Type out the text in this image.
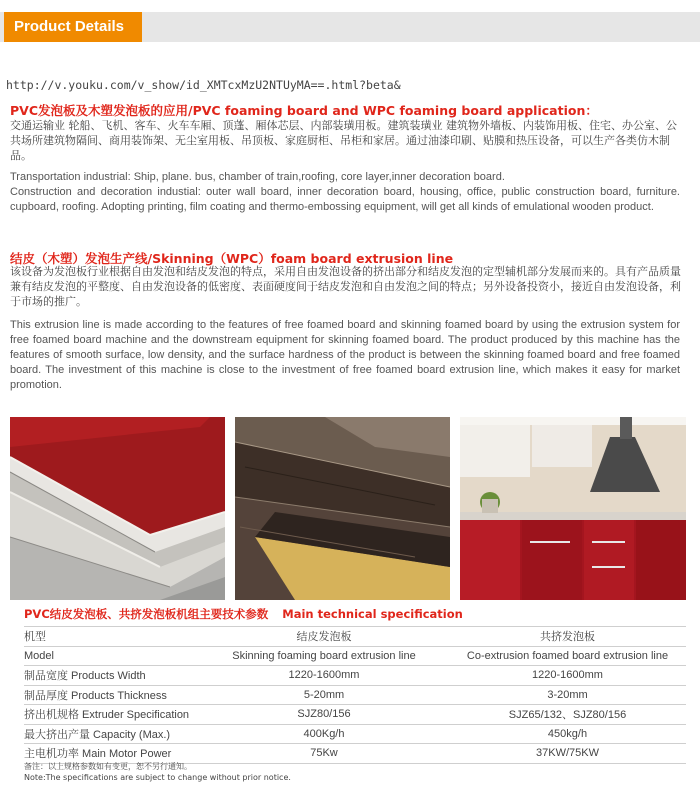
Product Details
http://v.youku.com/v_show/id_XMTcxMzU2NTUyMA==.html?beta&
PVC发泡板及木塑发泡板的应用/PVC foaming board and WPC foaming board application：
交通运输业 轮船、飞机、客车、火车车厢、顶蓬、厢体芯层、内部装璜用板。建筑装璜业 建筑物外墙板、内装饰用板、住宅、办公室、公共场所建筑物隔间、商用装饰架、无尘室用板、吊顶板、家庭厨柜、吊柜和家居。通过油漆印刷、贴膜和热压设备，可以生产各类仿木制品。
Transportation industrial: Ship, plane. bus, chamber of train,roofing, core layer,inner decoration board.
Construction and decoration industial: outer wall board, inner decoration board, housing, office, public construction board, furniture. cupboard, roofing. Adopting printing, film coating and thermo-embossing equipment, will get all kinds of emulational wooden product.
结皮（木塑）发泡生产线/Skinning（WPC）foam board extrusion line
该设备为发泡板行业根据自由发泡和结皮发泡的特点，采用自由发泡设备的挤出部分和结皮发泡的定型辅机部分发展而来的。具有产品质量兼有结皮发泡的平整度、自由发泡设备的低密度、表面硬度间于结皮发泡和自由发泡之间的特点；另外设备投资小，接近自由发泡设备，利于市场的推广。
This extrusion line is made according to the features of free foamed board and skinning foamed board by using the extrusion system for free foamed board machine and the downstream equipment for skinning foamed board. The product produced by this machine has the features of smooth surface, low density, and the surface hardness of the product is between the skinning foamed board and free foamed board. The investment of this machine is close to the investment of free foamed board extrusion line, which makes it easy for market promotion.
PVC结皮发泡板、共挤发泡板机组主要技术参数 Main technical specification
机型	结皮发泡板	共挤发泡板
Model	Skinning foaming board extrusion line	Co-extrusion foamed board extrusion line
制品宽度 Products Width	1220-1600mm	1220-1600mm
制品厚度 Products Thickness	5-20mm	3-20mm
挤出机规格 Extruder Specification	SJZ80/156	SJZ65/132、SJZ80/156
最大挤出产量 Capacity (Max.)	400Kg/h	450kg/h
主电机功率 Main Motor Power	75Kw	37KW/75KW
备注：以上规格参数如有变更，恕不另行通知。
Note:The specifications are subject to change without prior notice.
